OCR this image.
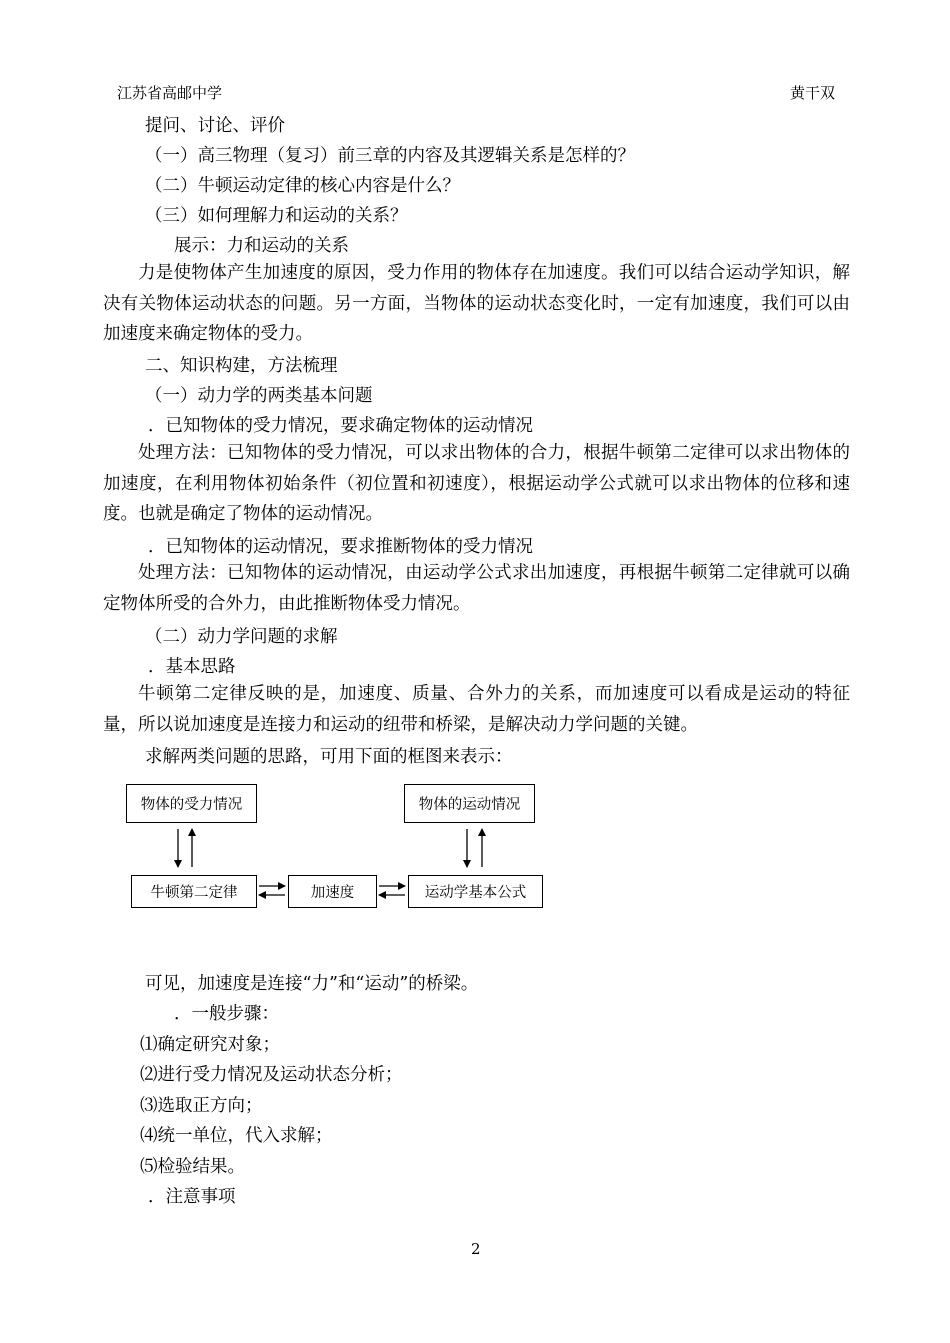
江苏省高邮中学	黄干双
提问、讨论、评价
（一）高三物理（复习）前三章的内容及其逻辑关系是怎样的？
（二）牛顿运动定律的核心内容是什么？
（三）如何理解力和运动的关系？
展示：力和运动的关系
力是使物体产生加速度的原因，受力作用的物体存在加速度。我们可以结合运动学知识，解决有关物体运动状态的问题。另一方面，当物体的运动状态变化时，一定有加速度，我们可以由加速度来确定物体的受力。
二、知识构建，方法梳理
（一）动力学的两类基本问题
．已知物体的受力情况，要求确定物体的运动情况
处理方法：已知物体的受力情况，可以求出物体的合力，根据牛顿第二定律可以求出物体的加速度，在利用物体初始条件（初位置和初速度），根据运动学公式就可以求出物体的位移和速度。也就是确定了物体的运动情况。
．已知物体的运动情况，要求推断物体的受力情况
处理方法：已知物体的运动情况，由运动学公式求出加速度，再根据牛顿第二定律就可以确定物体所受的合外力，由此推断物体受力情况。
（二）动力学问题的求解
．基本思路
牛顿第二定律反映的是，加速度、质量、合外力的关系，而加速度可以看成是运动的特征量，所以说加速度是连接力和运动的纽带和桥梁，是解决动力学问题的关键。
求解两类问题的思路，可用下面的框图来表示：
物体的受力情况	物体的运动情况
牛顿第二定律	加速度	运动学基本公式
可见，加速度是连接“力”和“运动”的桥梁。
．一般步骤：
⑴确定研究对象；
⑵进行受力情况及运动状态分析；
⑶选取正方向；
⑷统一单位，代入求解；
⑸检验结果。
．注意事项
2
